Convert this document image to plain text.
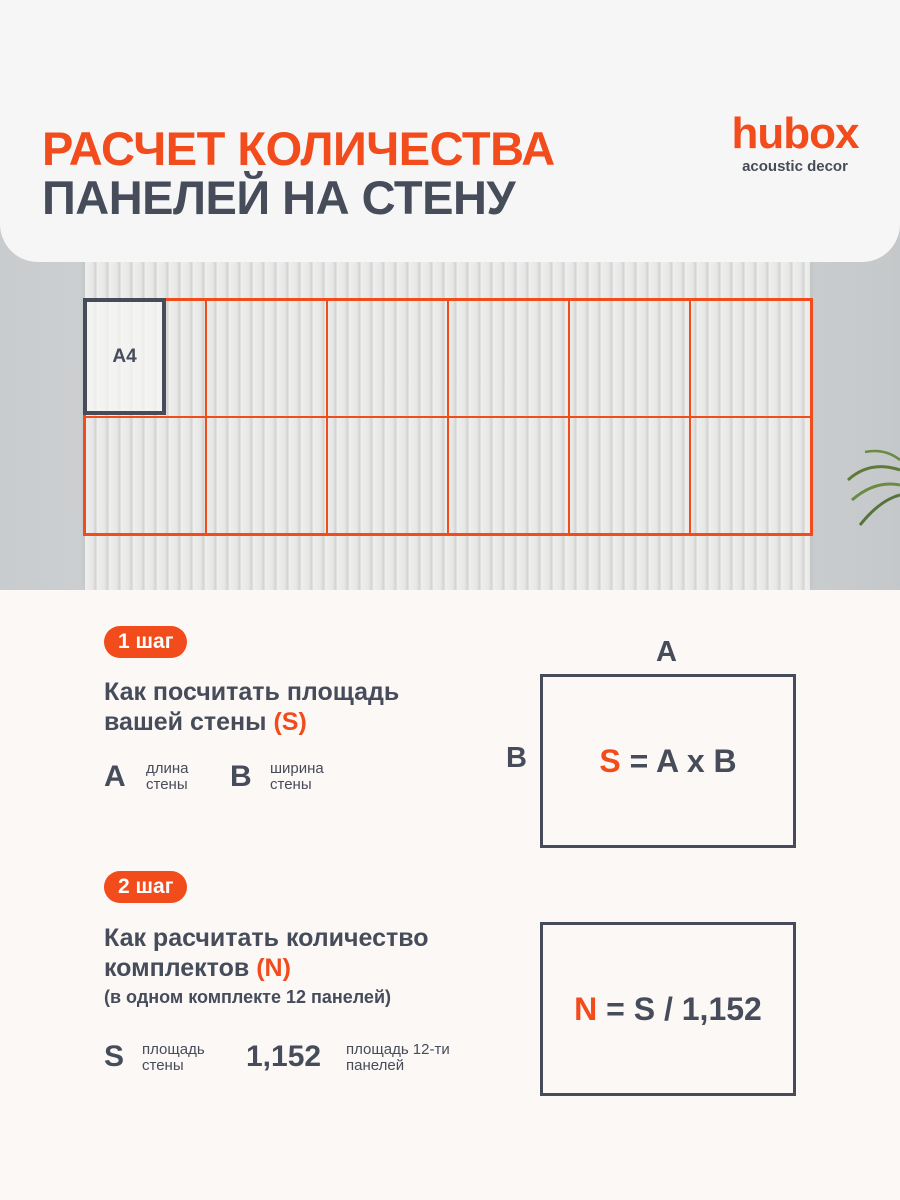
A4
РАСЧЕТ КОЛИЧЕСТВА
ПАНЕЛЕЙ НА СТЕНУ
hubox
acoustic decor
1 шаг
Как посчитать площадь
вашей стены (S)
A длина
стены B ширина
стены
A
B S = A x B
2 шаг
Как расчитать количество
комплектов (N)
(в одном комплекте 12 панелей)
S площадь
стены	1,152 площадь 12-ти
панелей
N = S / 1,152
